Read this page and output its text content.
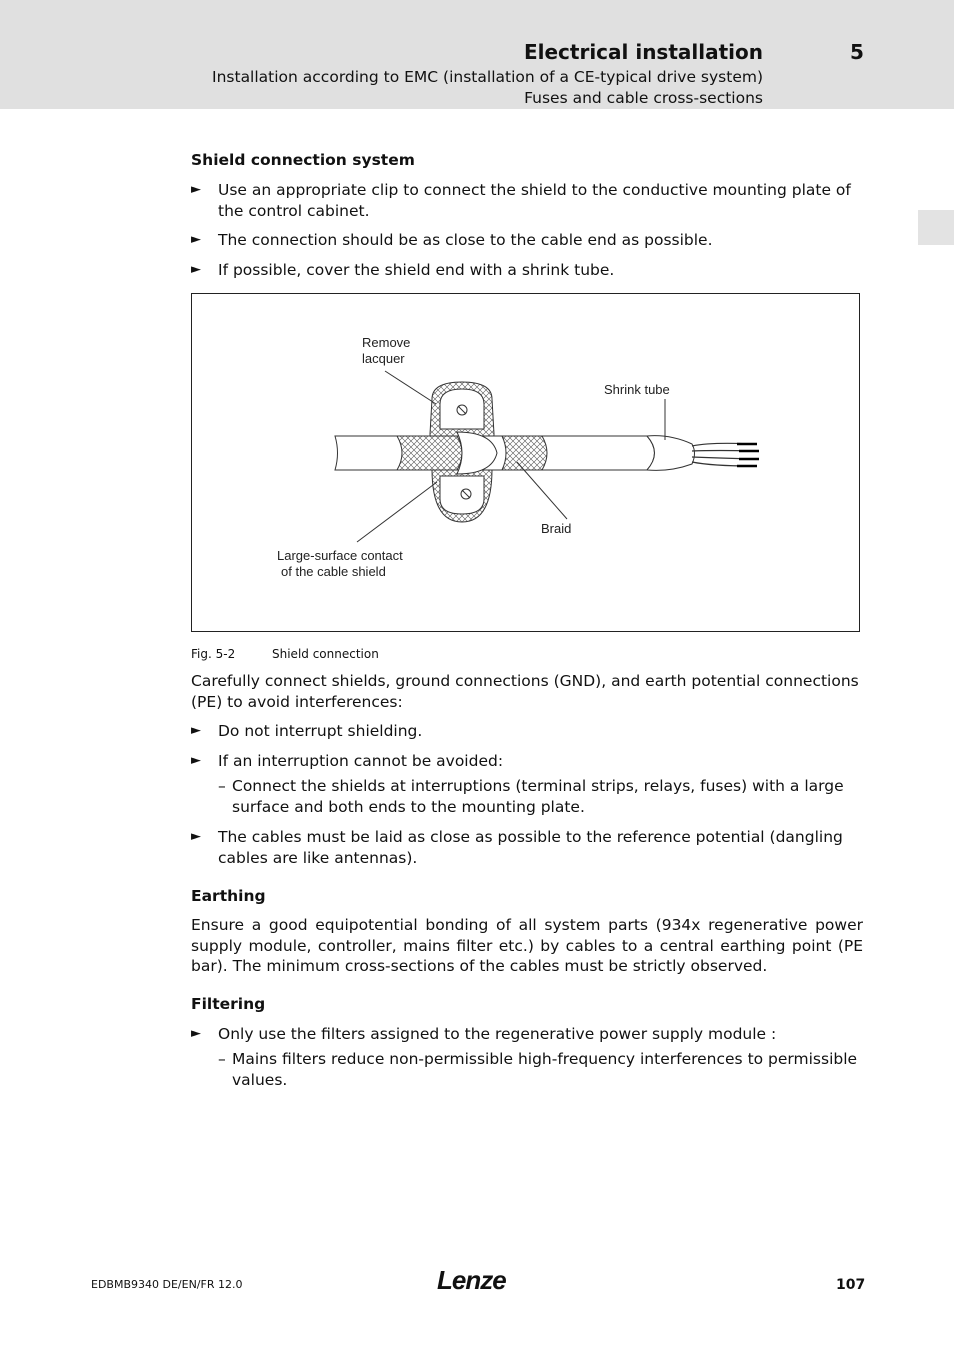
Electrical installation	5
Installation according to EMC (installation of a CE-typical drive system)
Fuses and cable cross-sections
Shield connection system
► Use an appropriate clip to connect the shield to the conductive mounting plate of the control cabinet.
► The connection should be as close to the cable end as possible.
► If possible, cover the shield end with a shrink tube.
Remove
lacquer
Shrink tube
Braid
Large-surface contact
of the cable shield
Fig. 5-2	Shield connection
Carefully connect shields, ground connections (GND), and earth potential connections (PE) to avoid interferences:
► Do not interrupt shielding.
► If an interruption cannot be avoided:
– Connect the shields at interruptions (terminal strips, relays, fuses) with a large surface and both ends to the mounting plate.
► The cables must be laid as close as possible to the reference potential (dangling cables are like antennas).
Earthing
Ensure a good equipotential bonding of all system parts (934x regenerative power supply module, controller, mains filter etc.) by cables to a central earthing point (PE bar). The minimum cross-sections of the cables must be strictly observed.
Filtering
► Only use the filters assigned to the regenerative power supply module :
– Mains filters reduce non-permissible high-frequency interferences to permissible values.
EDBMB9340 DE/EN/FR 12.0	Lenze	107
